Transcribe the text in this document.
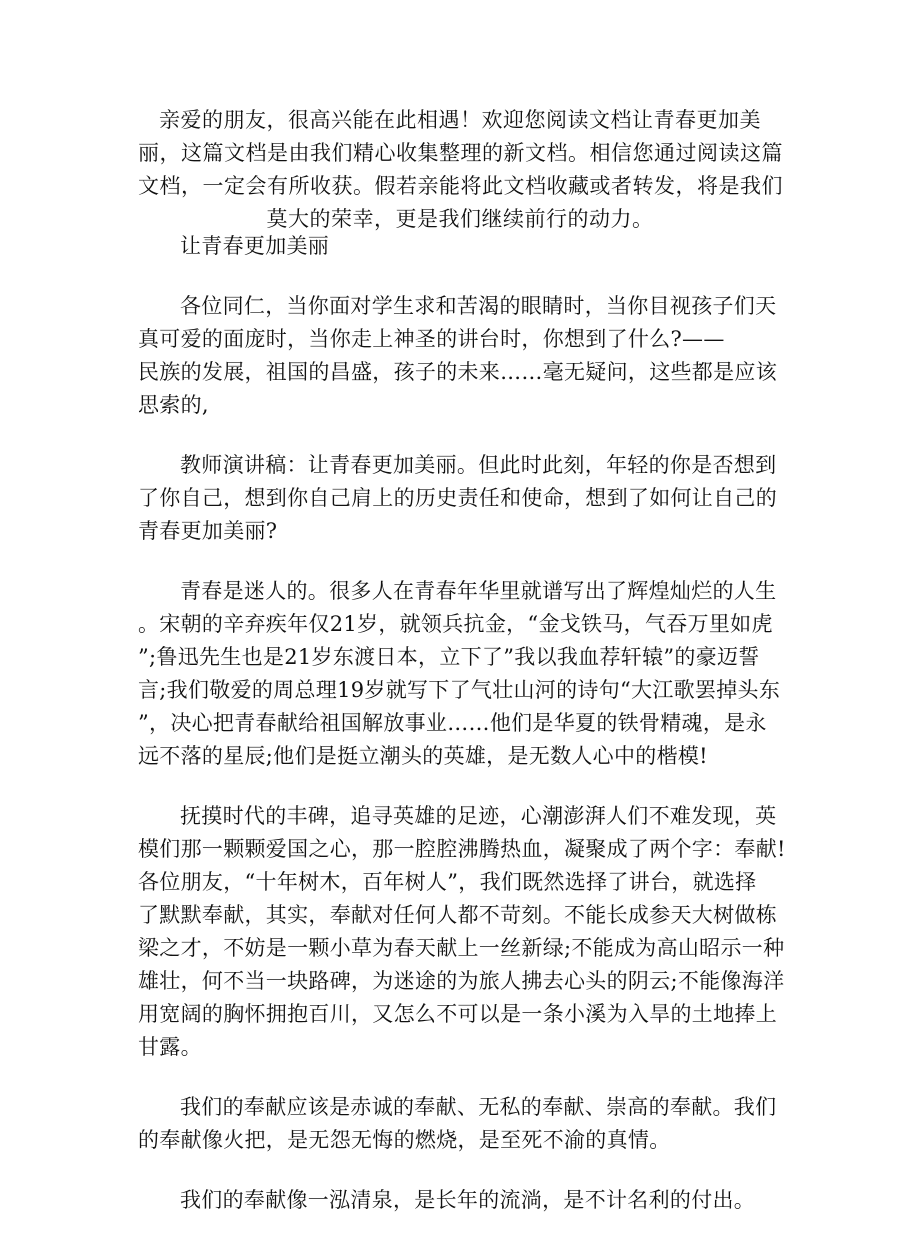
亲爱的朋友，很高兴能在此相遇！欢迎您阅读文档让青春更加美
丽，这篇文档是由我们精心收集整理的新文档。相信您通过阅读这篇
文档，一定会有所收获。假若亲能将此文档收藏或者转发，将是我们
莫大的荣幸，更是我们继续前行的动力。

让青春更加美丽

各位同仁，当你面对学生求和苦渴的眼睛时，当你目视孩子们天
真可爱的面庞时，当你走上神圣的讲台时，你想到了什么?——
民族的发展，祖国的昌盛，孩子的未来……毫无疑问，这些都是应该
思索的,

教师演讲稿：让青春更加美丽。但此时此刻，年轻的你是否想到
了你自己，想到你自己肩上的历史责任和使命，想到了如何让自己的
青春更加美丽?

青春是迷人的。很多人在青春年华里就谱写出了辉煌灿烂的人生
。宋朝的辛弃疾年仅21岁，就领兵抗金，“金戈铁马，气吞万里如虎
”;鲁迅先生也是21岁东渡日本，立下了”我以我血荐轩辕”的豪迈誓
言;我们敬爱的周总理19岁就写下了气壮山河的诗句“大江歌罢掉头东
”，决心把青春献给祖国解放事业……他们是华夏的铁骨精魂，是永
远不落的星辰;他们是挺立潮头的英雄，是无数人心中的楷模!

抚摸时代的丰碑，追寻英雄的足迹，心潮澎湃人们不难发现，英
模们那一颗颗爱国之心，那一腔腔沸腾热血，凝聚成了两个字：奉献!
各位朋友，“十年树木，百年树人”，我们既然选择了讲台，就选择
了默默奉献，其实，奉献对任何人都不苛刻。不能长成参天大树做栋
梁之才，不妨是一颗小草为春天献上一丝新绿;不能成为高山昭示一种
雄壮，何不当一块路碑，为迷途的为旅人拂去心头的阴云;不能像海洋
用宽阔的胸怀拥抱百川，又怎么不可以是一条小溪为入旱的土地捧上
甘露。

我们的奉献应该是赤诚的奉献、无私的奉献、崇高的奉献。我们
的奉献像火把，是无怨无悔的燃烧，是至死不渝的真情。

我们的奉献像一泓清泉，是长年的流淌，是不计名利的付出。
